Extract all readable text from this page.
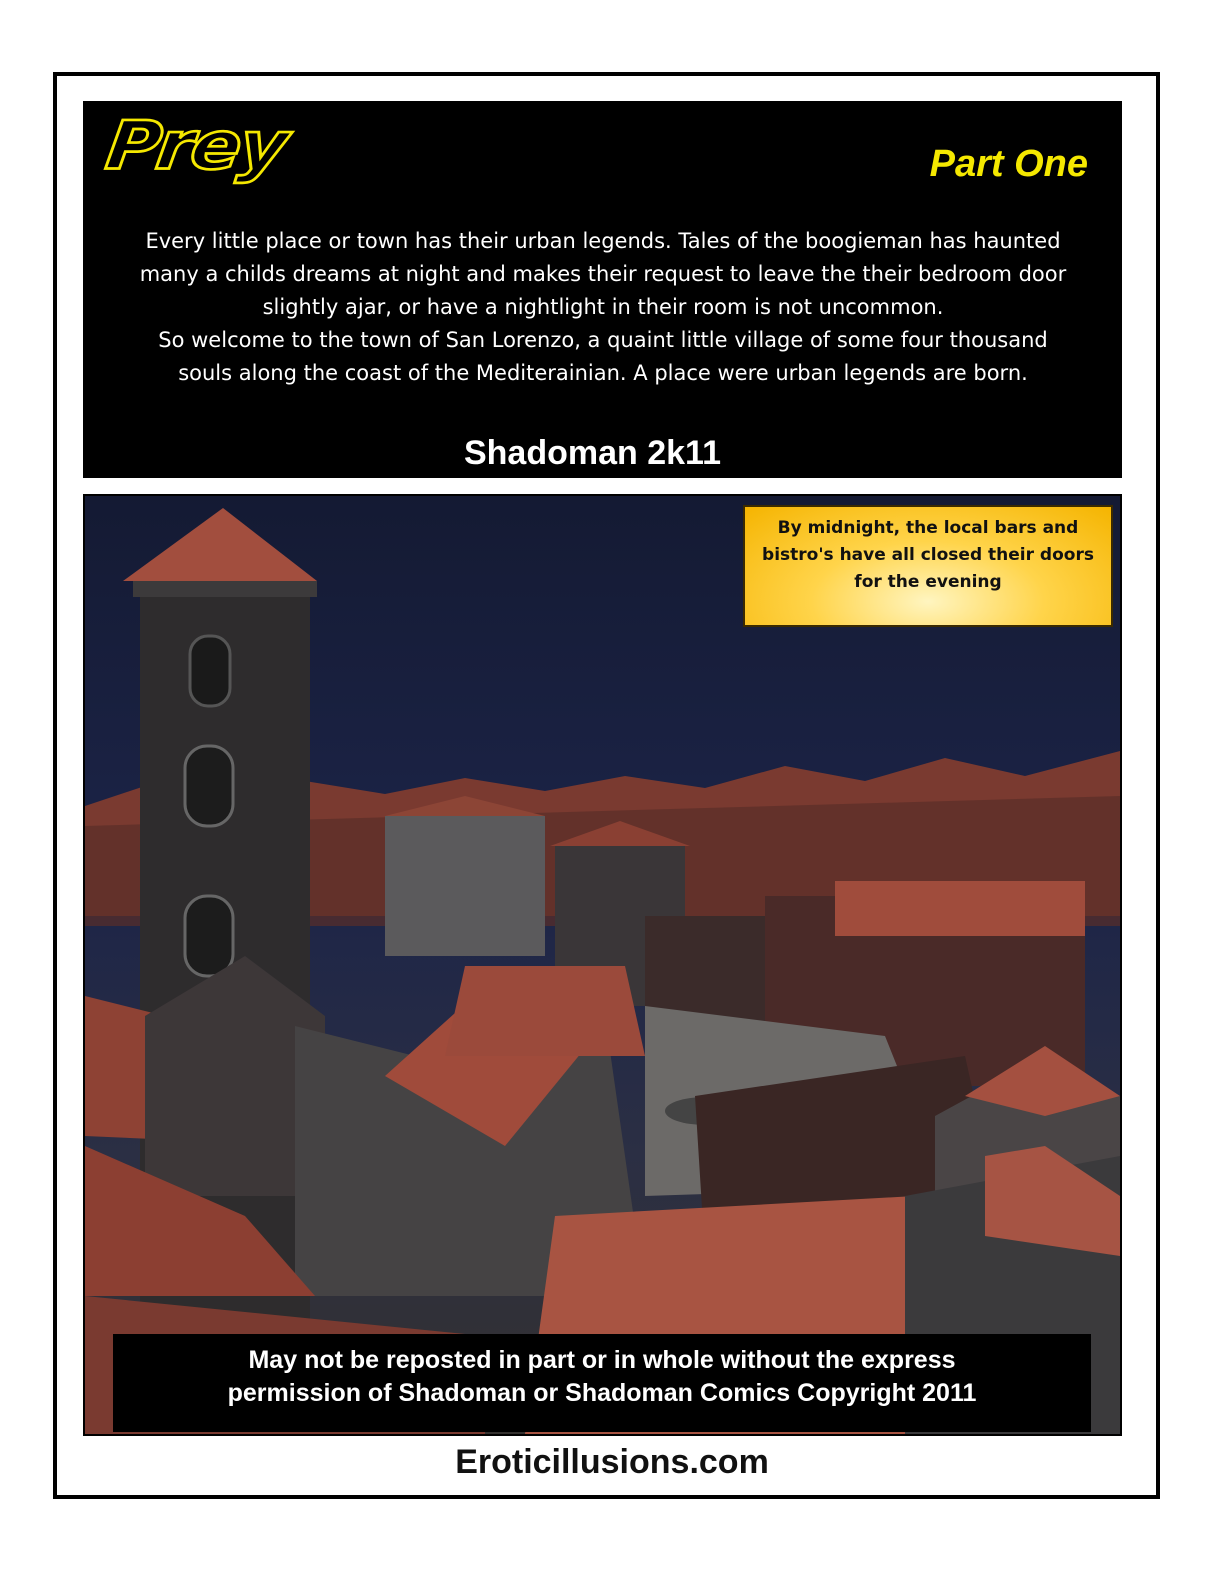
Prey	Part One

Every little place or town has their urban legends. Tales of the boogieman has haunted

many a childs dreams at night and makes their request to leave the their bedroom door

slightly ajar, or have a nightlight in their room is not uncommon.

So welcome to the town of San Lorenzo, a quaint little village of some four thousand

souls along the coast of the Mediterainian. A place were urban legends are born.

Shadoman 2k11
By midnight, the local bars and
bistro's have all closed their doors
for the evening
May not be reposted in part or in whole without the express
permission of Shadoman or Shadoman Comics Copyright 2011
Eroticillusions.com
